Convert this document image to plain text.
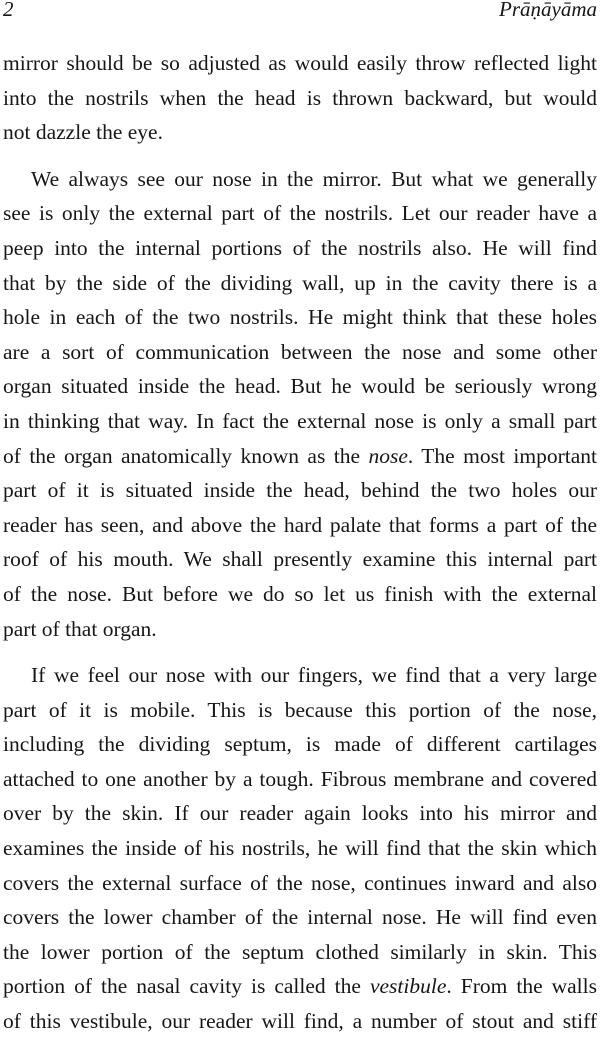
2	Prāṇāyāma

mirror should be so adjusted as would easily throw reflected light
into the nostrils when the head is thrown backward, but would
not dazzle the eye.

We always see our nose in the mirror. But what we generally
see is only the external part of the nostrils. Let our reader have a
peep into the internal portions of the nostrils also. He will find
that by the side of the dividing wall, up in the cavity there is a
hole in each of the two nostrils. He might think that these holes
are a sort of communication between the nose and some other
organ situated inside the head. But he would be seriously wrong
in thinking that way. In fact the external nose is only a small part
of the organ anatomically known as the nose. The most important
part of it is situated inside the head, behind the two holes our
reader has seen, and above the hard palate that forms a part of the
roof of his mouth. We shall presently examine this internal part
of the nose. But before we do so let us finish with the external
part of that organ.

If we feel our nose with our fingers, we find that a very large
part of it is mobile. This is because this portion of the nose,
including the dividing septum, is made of different cartilages
attached to one another by a tough. Fibrous membrane and covered
over by the skin. If our reader again looks into his mirror and
examines the inside of his nostrils, he will find that the skin which
covers the external surface of the nose, continues inward and also
covers the lower chamber of the internal nose. He will find even
the lower portion of the septum clothed similarly in skin. This
portion of the nasal cavity is called the vestibule. From the walls
of this vestibule, our reader will find, a number of stout and stiff
